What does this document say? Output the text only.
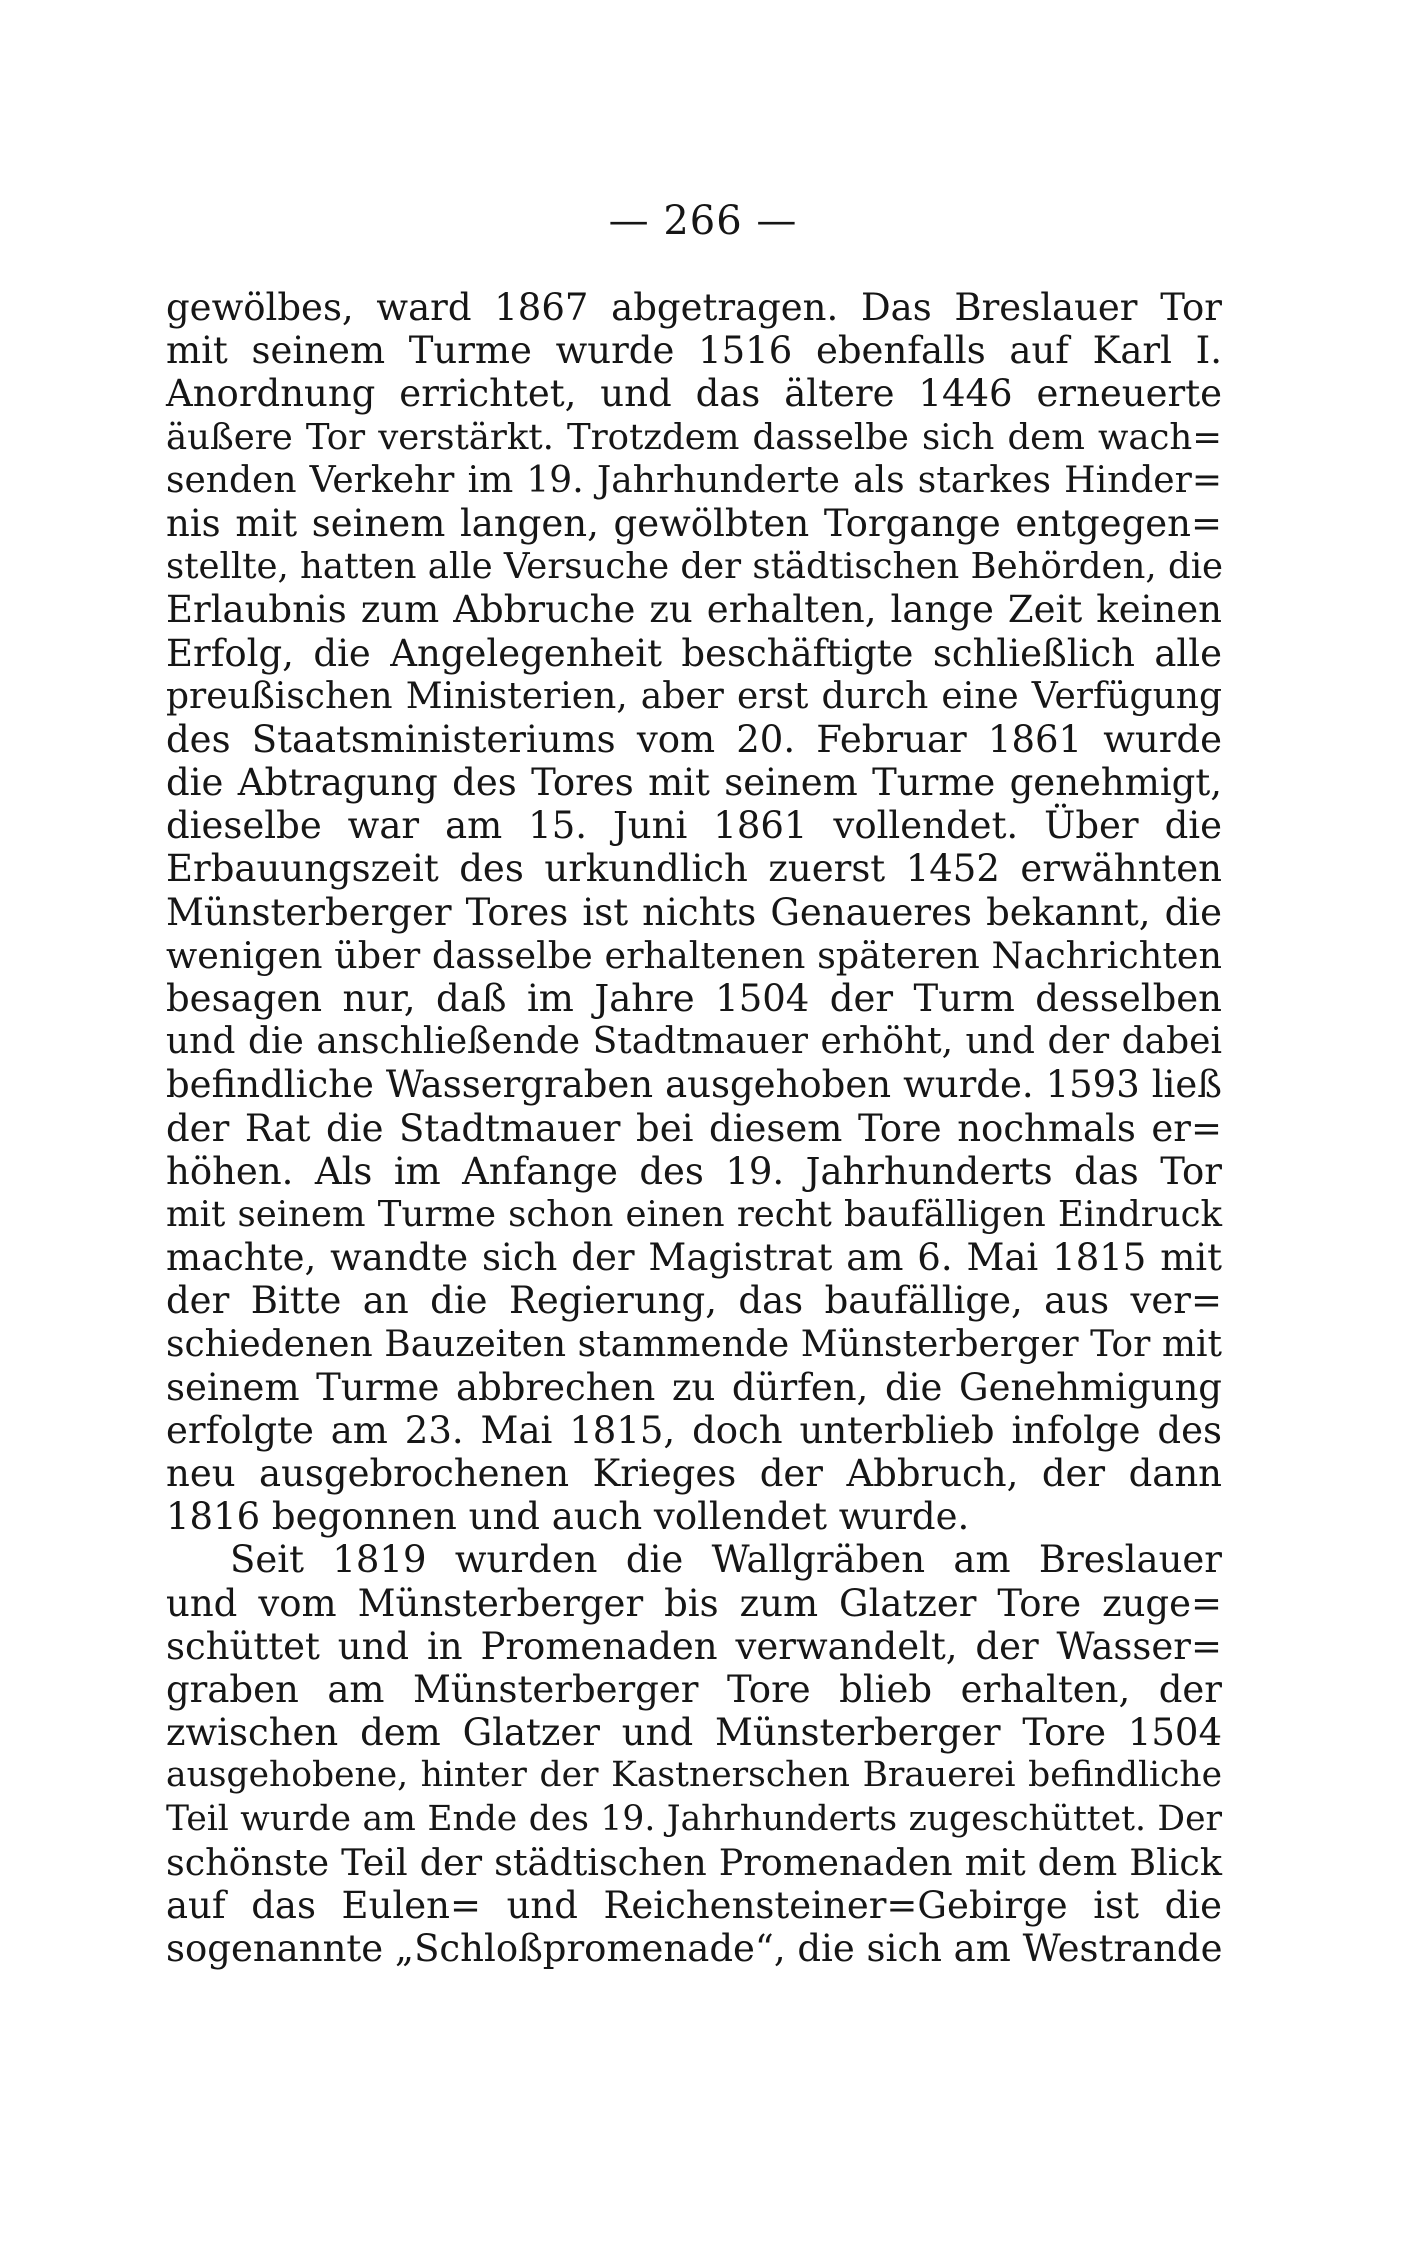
— 266 —
gewölbes, ward 1867 abgetragen. Das Breslauer Tor
mit seinem Turme wurde 1516 ebenfalls auf Karl I.
Anordnung errichtet, und das ältere 1446 erneuerte
äußere Tor verstärkt. Trotzdem dasselbe sich dem wach=
senden Verkehr im 19. Jahrhunderte als starkes Hinder=
nis mit seinem langen, gewölbten Torgange entgegen=
stellte, hatten alle Versuche der städtischen Behörden, die
Erlaubnis zum Abbruche zu erhalten, lange Zeit keinen
Erfolg, die Angelegenheit beschäftigte schließlich alle
preußischen Ministerien, aber erst durch eine Verfügung
des Staatsministeriums vom 20. Februar 1861 wurde
die Abtragung des Tores mit seinem Turme genehmigt,
dieselbe war am 15. Juni 1861 vollendet. Über die
Erbauungszeit des urkundlich zuerst 1452 erwähnten
Münsterberger Tores ist nichts Genaueres bekannt, die
wenigen über dasselbe erhaltenen späteren Nachrichten
besagen nur, daß im Jahre 1504 der Turm desselben
und die anschließende Stadtmauer erhöht, und der dabei
befindliche Wassergraben ausgehoben wurde. 1593 ließ
der Rat die Stadtmauer bei diesem Tore nochmals er=
höhen. Als im Anfange des 19. Jahrhunderts das Tor
mit seinem Turme schon einen recht baufälligen Eindruck
machte, wandte sich der Magistrat am 6. Mai 1815 mit
der Bitte an die Regierung, das baufällige, aus ver=
schiedenen Bauzeiten stammende Münsterberger Tor mit
seinem Turme abbrechen zu dürfen, die Genehmigung
erfolgte am 23. Mai 1815, doch unterblieb infolge des
neu ausgebrochenen Krieges der Abbruch, der dann
1816 begonnen und auch vollendet wurde.
Seit 1819 wurden die Wallgräben am Breslauer
und vom Münsterberger bis zum Glatzer Tore zuge=
schüttet und in Promenaden verwandelt, der Wasser=
graben am Münsterberger Tore blieb erhalten, der
zwischen dem Glatzer und Münsterberger Tore 1504
ausgehobene, hinter der Kastnerschen Brauerei befindliche
Teil wurde am Ende des 19. Jahrhunderts zugeschüttet. Der
schönste Teil der städtischen Promenaden mit dem Blick
auf das Eulen= und Reichensteiner=Gebirge ist die
sogenannte „Schloßpromenade“, die sich am Westrande
